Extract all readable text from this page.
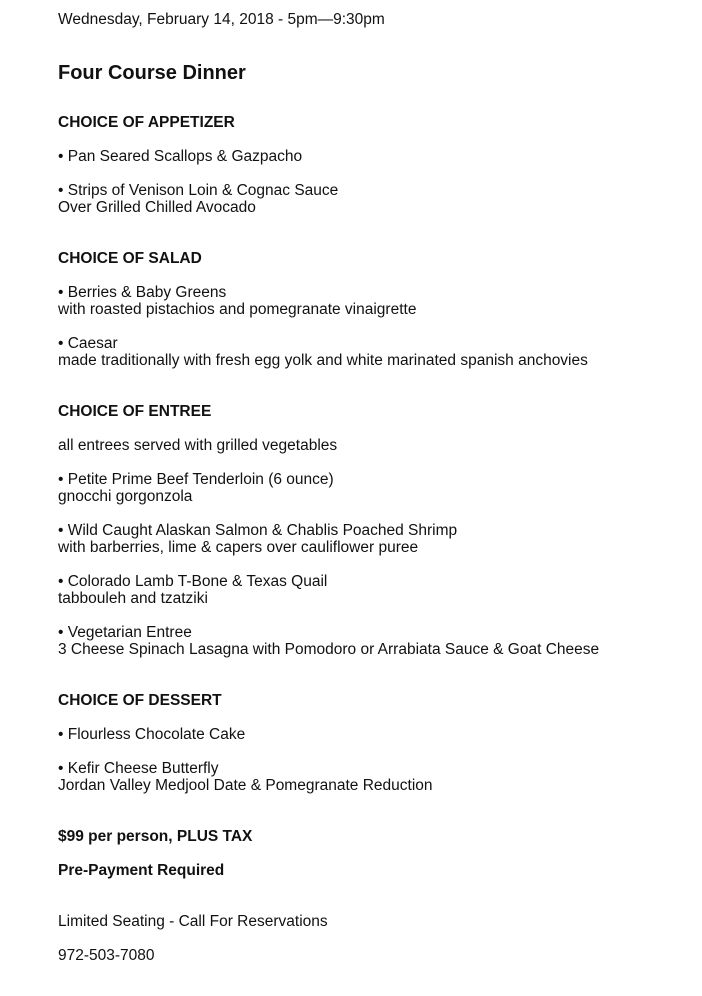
Wednesday, February 14, 2018 - 5pm—9:30pm
Four Course Dinner
CHOICE OF APPETIZER
• Pan Seared Scallops & Gazpacho
• Strips of Venison Loin & Cognac Sauce
Over Grilled Chilled Avocado
CHOICE OF SALAD
• Berries & Baby Greens
with roasted pistachios and pomegranate vinaigrette
• Caesar
made traditionally with fresh egg yolk and white marinated spanish anchovies
CHOICE OF ENTREE
all entrees served with grilled vegetables
• Petite Prime Beef Tenderloin (6 ounce)
gnocchi gorgonzola
• Wild Caught Alaskan Salmon & Chablis Poached Shrimp
with barberries, lime & capers over cauliflower puree
• Colorado Lamb T-Bone & Texas Quail
tabbouleh and tzatziki
• Vegetarian Entree
3 Cheese Spinach Lasagna with Pomodoro or Arrabiata Sauce & Goat Cheese
CHOICE OF DESSERT
• Flourless Chocolate Cake
• Kefir Cheese Butterfly
Jordan Valley Medjool Date & Pomegranate Reduction
$99 per person, PLUS TAX
Pre-Payment Required
Limited Seating - Call For Reservations
972-503-7080
